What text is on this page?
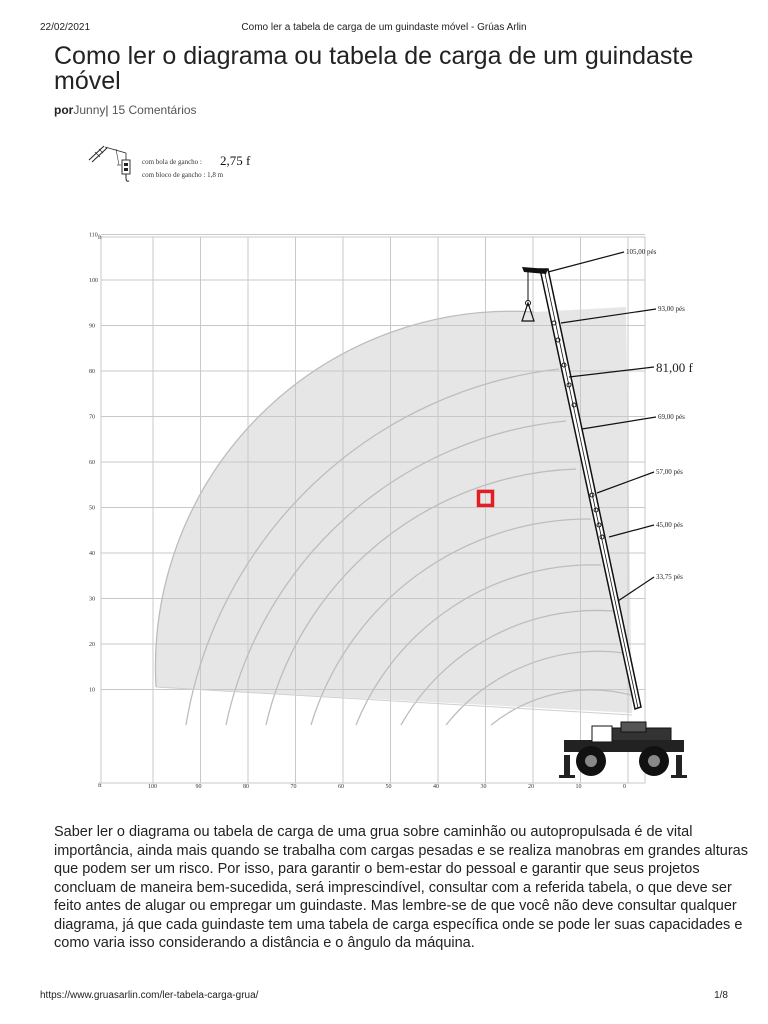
22/02/2021	Como ler a tabela de carga de um guindaste móvel - Grúas Arlin
Como ler o diagrama ou tabela de carga de um guindaste móvel
porJunny| 15 Comentários
com bola de gancho : 2,75 f
com bloco de gancho : 1,8 m
110
100
90
80
70
60
50
40
30
20
10
100	90	80	70	60	50	40	30	20	10	0
ft
ft
105,00 pés
93,00 pés
81,00 f
69,00 pés
57,00 pés
45,00 pés
33,75 pés

Saber ler o diagrama ou tabela de carga de uma grua sobre caminhão ou autopropulsada é de vital importância, ainda mais quando se trabalha com cargas pesadas e se realiza manobras em grandes alturas que podem ser um risco. Por isso, para garantir o bem-estar do pessoal e garantir que seus projetos concluam de maneira bem-sucedida, será imprescindível, consultar com a referida tabela, o que deve ser feito antes de alugar ou empregar um guindaste. Mas lembre-se de que você não deve consultar qualquer diagrama, já que cada guindaste tem uma tabela de carga específica onde se pode ler suas capacidades e como varia isso considerando a distância e o ângulo da máquina.

https://www.gruasarlin.com/ler-tabela-carga-grua/	1/8
